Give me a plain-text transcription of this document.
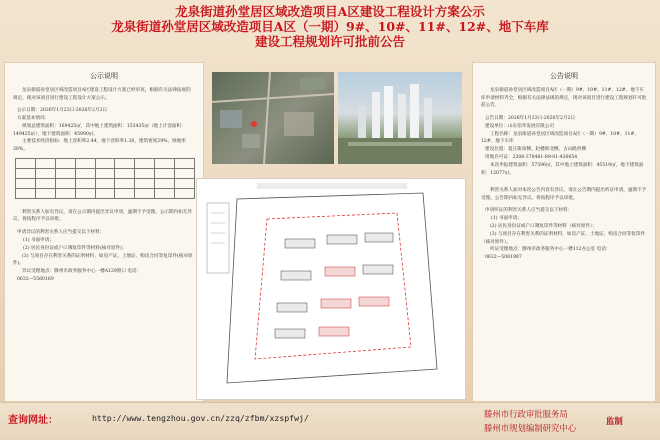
龙泉街道孙堂居区域改造项目A区建设工程设计方案公示
龙泉街道孙堂居区域改造项目A区（一期）9#、10#、11#、12#、地下车库
建设工程规划许可批前公告
公示说明
龙泉街道孙堂居区域改造项目A区建设工程设计方案已经审查，根据有关法律法规的规定，现对该项目进行建设工程设计方案公示。
公示日期：2026年1月23日-2026年2月2日
方案基本情况：
规划总建筑面积：169425㎡，其中地上建筑面积：153435㎡（地上计容面积：149425㎡），地下建筑面积：45990㎡。
主要技术经济指标：地上容积率2.44，地下容积率1.26，建筑密度29%，绿地率30%。

利害关系人如有异议，请在公示期内提出异议申请，逾期不予受理。公示期内如无异议，将按程序予以审批。
申请异议的利害关系人应当提交以下材料：
(1) 书面申请；
(2) 居民身份证或户口簿复印件等材料(核对原件)；
(3) 与项目存在利害关系的证明材料，如房产证、土地证、购房合同等复印件(核对原件)。
异议受理地点：滕州市政务服务中心一楼A129窗口 电话：
0632—5560169
公告说明
龙泉街道孙堂居区域改造项目A区（一期）9#、10#、11#、12#、地下车库申请材料齐全，根据有关法律法规的规定，现对该项目进行建设工程规划许可批前公告。
公告日期：2026年1月23日-2026年2月2日
建设单位：山东佰华发展有限公司
工程名称：龙泉街道孙堂居区域改造项目A区（一期）9#、10#、11#、12#、地下车库
建设位置：夏庄街南侧、赵楼街北侧、古山路西侧
用地许可证：2306-370481-89-01-430654
本次申报建筑面积：57596㎡，其中地上建筑面积：45519㎡，地下建筑面积：12077㎡。
利害关系人如对本次公告内容有异议，请在公告期内提出听证申请，逾期不予受理。公告期内如无异议，将按程序予以审批。
申请听证的利害关系人应当提交以下材料：
(1) 书面申请；
(2) 居民身份证或户口簿复印件等材料（核对原件）；
(3) 与项目存在利害关系的证明材料，如房产证、土地证、购房合同等复印件（核对原件）。
听证受理地点：滕州市政务服务中心一楼112办公室 电话：
0632—5081987
查询网址：	http://www.tengzhou.gov.cn/zzq/zfbm/xzspfwj/	滕州市行政审批服务局
滕州市规划编制研究中心
监制
